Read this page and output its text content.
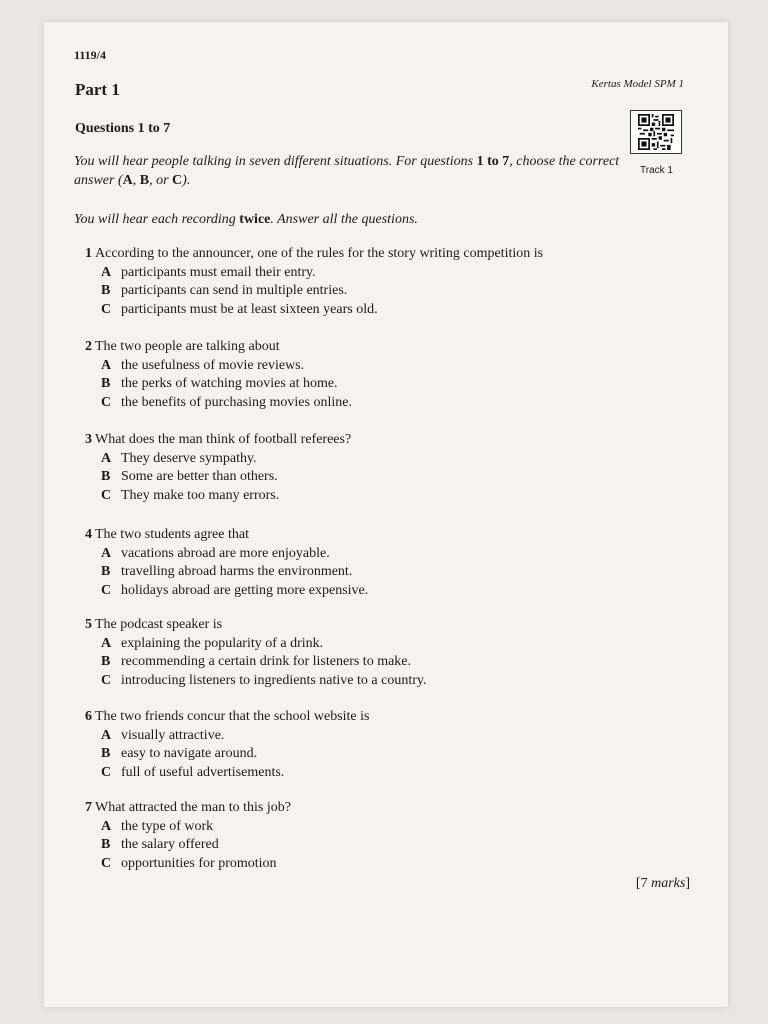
1119/4
Part 1	Kertas Model SPM 1
Questions 1 to 7
Track 1
You will hear people talking in seven different situations. For questions 1 to 7, choose the correct answer (A, B, or C).
You will hear each recording twice. Answer all the questions.
1 According to the announcer, one of the rules for the story writing competition is
A participants must email their entry.
B participants can send in multiple entries.
C participants must be at least sixteen years old.
2 The two people are talking about
A the usefulness of movie reviews.
B the perks of watching movies at home.
C the benefits of purchasing movies online.
3 What does the man think of football referees?
A They deserve sympathy.
B Some are better than others.
C They make too many errors.
4 The two students agree that
A vacations abroad are more enjoyable.
B travelling abroad harms the environment.
C holidays abroad are getting more expensive.
5 The podcast speaker is
A explaining the popularity of a drink.
B recommending a certain drink for listeners to make.
C introducing listeners to ingredients native to a country.
6 The two friends concur that the school website is
A visually attractive.
B easy to navigate around.
C full of useful advertisements.
7 What attracted the man to this job?
A the type of work
B the salary offered
C opportunities for promotion
[7 marks]
